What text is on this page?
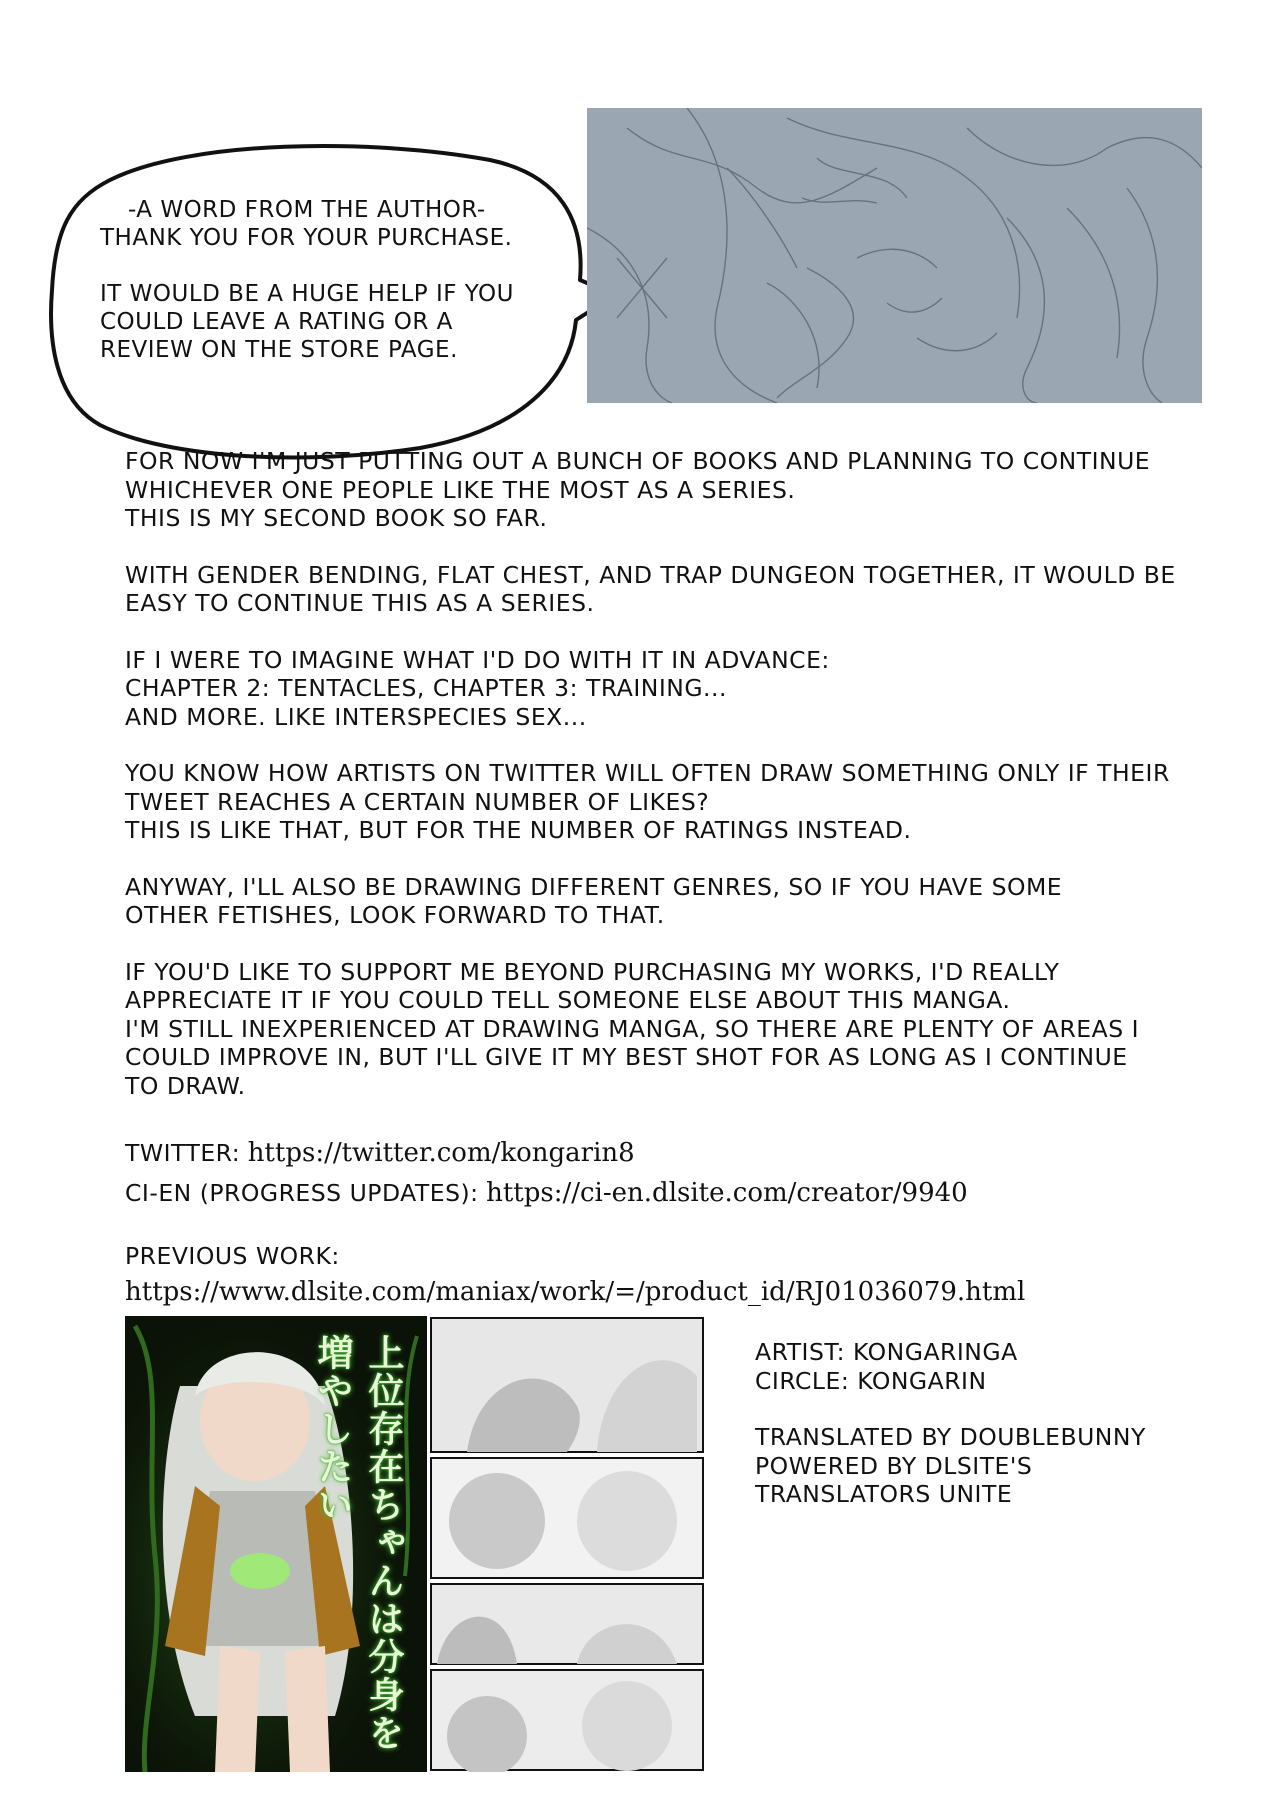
-A WORD FROM THE AUTHOR-

THANK YOU FOR YOUR PURCHASE.

IT WOULD BE A HUGE HELP IF YOU

COULD LEAVE A RATING OR A

REVIEW ON THE STORE PAGE.

FOR NOW I'M JUST PUTTING OUT A BUNCH OF BOOKS AND PLANNING TO CONTINUE
WHICHEVER ONE PEOPLE LIKE THE MOST AS A SERIES.
THIS IS MY SECOND BOOK SO FAR.

WITH GENDER BENDING, FLAT CHEST, AND TRAP DUNGEON TOGETHER, IT WOULD BE
EASY TO CONTINUE THIS AS A SERIES.

IF I WERE TO IMAGINE WHAT I'D DO WITH IT IN ADVANCE:
CHAPTER 2: TENTACLES, CHAPTER 3: TRAINING...
AND MORE. LIKE INTERSPECIES SEX...

YOU KNOW HOW ARTISTS ON TWITTER WILL OFTEN DRAW SOMETHING ONLY IF THEIR
TWEET REACHES A CERTAIN NUMBER OF LIKES?
THIS IS LIKE THAT, BUT FOR THE NUMBER OF RATINGS INSTEAD.

ANYWAY, I'LL ALSO BE DRAWING DIFFERENT GENRES, SO IF YOU HAVE SOME
OTHER FETISHES, LOOK FORWARD TO THAT.

IF YOU'D LIKE TO SUPPORT ME BEYOND PURCHASING MY WORKS, I'D REALLY
APPRECIATE IT IF YOU COULD TELL SOMEONE ELSE ABOUT THIS MANGA.
I'M STILL INEXPERIENCED AT DRAWING MANGA, SO THERE ARE PLENTY OF AREAS I
COULD IMPROVE IN, BUT I'LL GIVE IT MY BEST SHOT FOR AS LONG AS I CONTINUE
TO DRAW.

TWITTER: https://twitter.com/kongarin8
CI-EN (PROGRESS UPDATES): https://ci-en.dlsite.com/creator/9940
PREVIOUS WORK:
https://www.dlsite.com/maniax/work/=/product_id/RJ01036079.html
上位存在ちゃんは分身を増やしたい	ARTIST: KONGARINGA
CIRCLE: KONGARIN

TRANSLATED BY DOUBLEBUNNY
POWERED BY DLSITE'S
TRANSLATORS UNITE
